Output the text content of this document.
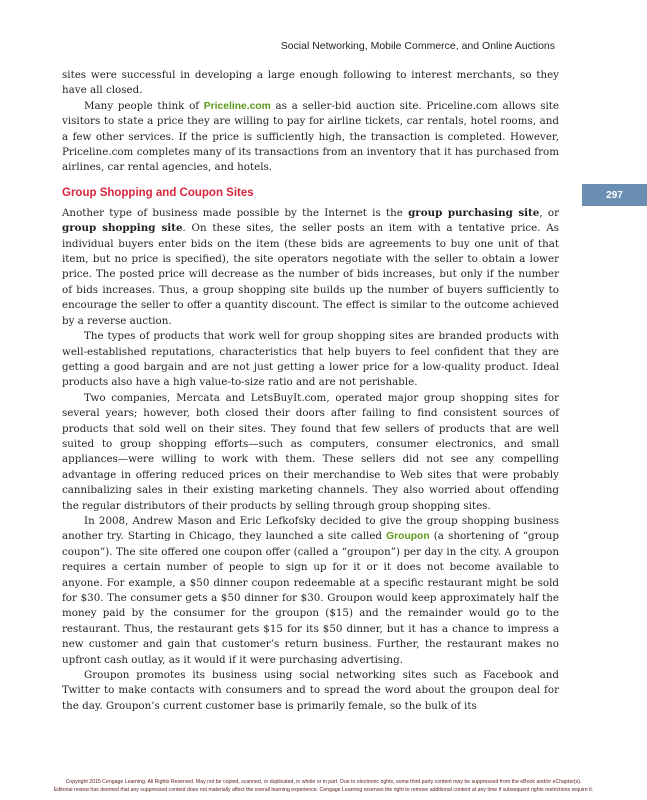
Social Networking, Mobile Commerce, and Online Auctions
297

sites were successful in developing a large enough following to interest merchants, so they have all closed.

Many people think of Priceline.com as a seller-bid auction site. Priceline.com allows site visitors to state a price they are willing to pay for airline tickets, car rentals, hotel rooms, and a few other services. If the price is sufficiently high, the transaction is completed. However, Priceline.com completes many of its transactions from an inventory that it has purchased from airlines, car rental agencies, and hotels.

Group Shopping and Coupon Sites

Another type of business made possible by the Internet is the group purchasing site, or group shopping site. On these sites, the seller posts an item with a tentative price. As individual buyers enter bids on the item (these bids are agreements to buy one unit of that item, but no price is specified), the site operators negotiate with the seller to obtain a lower price. The posted price will decrease as the number of bids increases, but only if the number of bids increases. Thus, a group shopping site builds up the number of buyers sufficiently to encourage the seller to offer a quantity discount. The effect is similar to the outcome achieved by a reverse auction.

The types of products that work well for group shopping sites are branded products with well-established reputations, characteristics that help buyers to feel confident that they are getting a good bargain and are not just getting a lower price for a low-quality product. Ideal products also have a high value-to-size ratio and are not perishable.

Two companies, Mercata and LetsBuyIt.com, operated major group shopping sites for several years; however, both closed their doors after failing to find consistent sources of products that sold well on their sites. They found that few sellers of products that are well suited to group shopping efforts—such as computers, consumer electronics, and small appliances—were willing to work with them. These sellers did not see any compelling advantage in offering reduced prices on their merchandise to Web sites that were probably cannibalizing sales in their existing marketing channels. They also worried about offending the regular distributors of their products by selling through group shopping sites.

In 2008, Andrew Mason and Eric Lefkofsky decided to give the group shopping business another try. Starting in Chicago, they launched a site called Groupon (a shortening of “group coupon”). The site offered one coupon offer (called a “groupon”) per day in the city. A groupon requires a certain number of people to sign up for it or it does not become available to anyone. For example, a $50 dinner coupon redeemable at a specific restaurant might be sold for $30. The consumer gets a $50 dinner for $30. Groupon would keep approximately half the money paid by the consumer for the groupon ($15) and the remainder would go to the restaurant. Thus, the restaurant gets $15 for its $50 dinner, but it has a chance to impress a new customer and gain that customer’s return business. Further, the restaurant makes no upfront cash outlay, as it would if it were purchasing advertising.

Groupon promotes its business using social networking sites such as Facebook and Twitter to make contacts with consumers and to spread the word about the groupon deal for the day. Groupon’s current customer base is primarily female, so the bulk of its

Copyright 2015 Cengage Learning. All Rights Reserved. May not be copied, scanned, or duplicated, in whole or in part. Due to electronic rights, some third party content may be suppressed from the eBook and/or eChapter(s).
Editorial review has deemed that any suppressed content does not materially affect the overall learning experience. Cengage Learning reserves the right to remove additional content at any time if subsequent rights restrictions require it.
